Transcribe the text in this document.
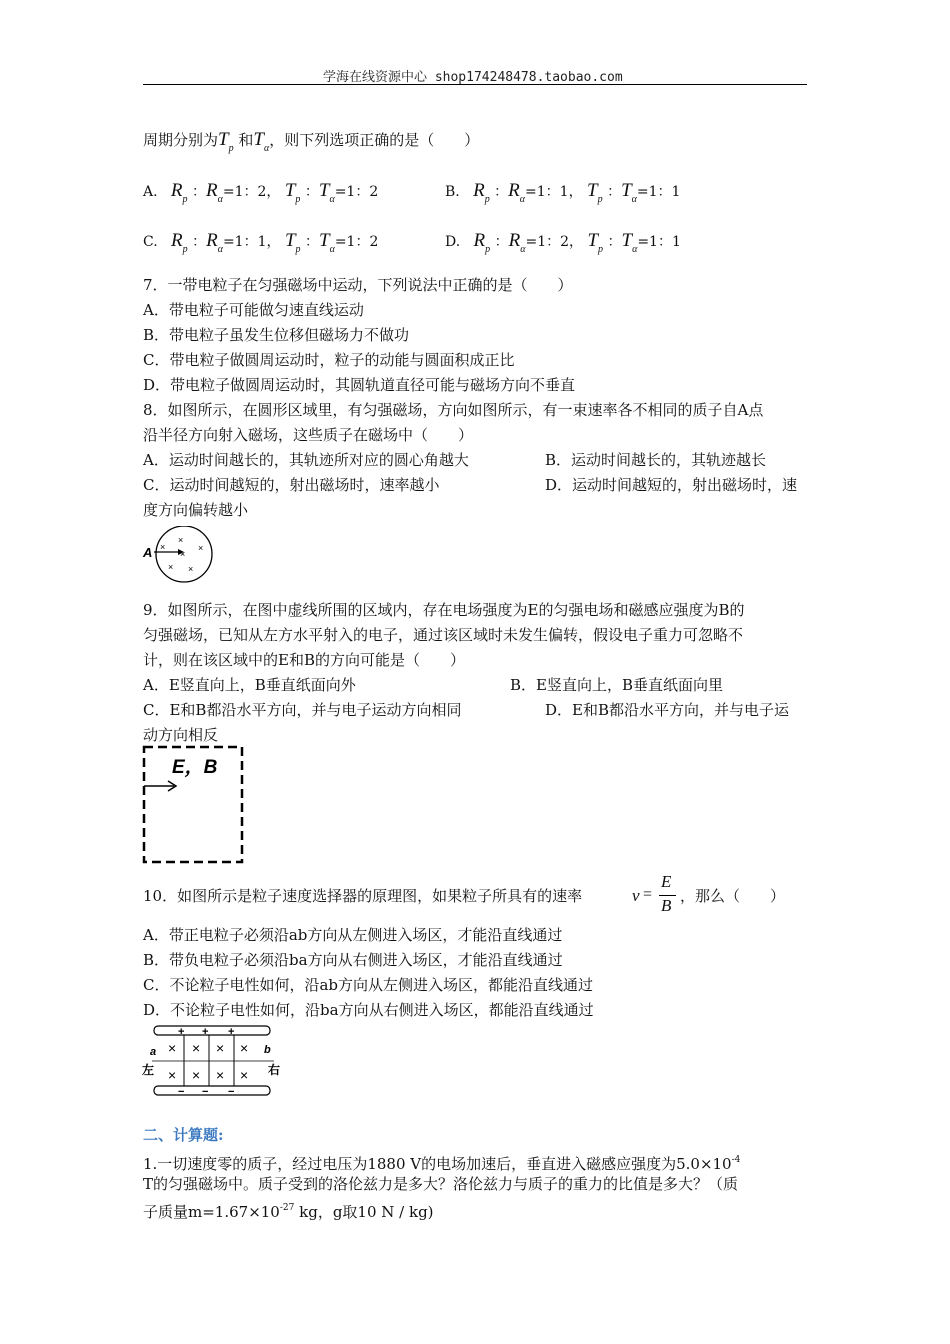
学海在线资源中心 shop174248478.taobao.com
周期分别为$T_p$ 和$T_\alpha$，则下列选项正确的是（　　）
A. $R_p$ ：$R_\alpha=1$：2， $T_p$ ：$T_\alpha=1$：2	B. $R_p$ ：$R_\alpha=1$：1， $T_p$ ：$T_\alpha=1$：1
C. $R_p$ ：$R_\alpha=1$：1， $T_p$ ：$T_\alpha=1$：2	D. $R_p$ ：$R_\alpha=1$：2， $T_p$ ：$T_\alpha=1$：1
7．一带电粒子在匀强磁场中运动，下列说法中正确的是（　　）
A．带电粒子可能做匀速直线运动
B．带电粒子虽发生位移但磁场力不做功
C．带电粒子做圆周运动时，粒子的动能与圆面积成正比
D．带电粒子做圆周运动时，其圆轨道直径可能与磁场方向不垂直
8．如图所示，在圆形区域里，有匀强磁场，方向如图所示，有一束速率各不相同的质子自A点
沿半径方向射入磁场，这些质子在磁场中（　　）
A．运动时间越长的，其轨迹所对应的圆心角越大	B．运动时间越长的，其轨迹越长
C．运动时间越短的，射出磁场时，速率越小	D．运动时间越短的，射出磁场时，速
度方向偏转越小
A ×
×
×
×
× ×
9．如图所示，在图中虚线所围的区域内，存在电场强度为E的匀强电场和磁感应强度为B的
匀强磁场，已知从左方水平射入的电子，通过该区域时未发生偏转，假设电子重力可忽略不
计，则在该区域中的E和B的方向可能是（　　）
A．E竖直向上，B垂直纸面向外	B．E竖直向上，B垂直纸面向里
C．E和B都沿水平方向，并与电子运动方向相同	D．E和B都沿水平方向，并与电子运
动方向相反
E，B
10．如图所示是粒子速度选择器的原理图，如果粒子所具有的速率	v =
E
B ，那么（　　）
A．带正电粒子必须沿ab方向从左侧进入场区，才能沿直线通过
B．带负电粒子必须沿ba方向从右侧进入场区，才能沿直线通过
C．不论粒子电性如何，沿ab方向从左侧进入场区，都能沿直线通过
D．不论粒子电性如何，沿ba方向从右侧进入场区，都能沿直线通过
+ + +
− − −
× × × ×
× × × ×
a	b
左	右
二、计算题:
1.一切速度零的质子，经过电压为1880 V的电场加速后，垂直进入磁感应强度为$5.0\times 10^{-4}$
T的匀强磁场中。质子受到的洛伦兹力是多大？洛伦兹力与质子的重力的比值是多大？（质
子质量$m=1.67\times 10^{-27}$ kg，g取10 N / kg)
